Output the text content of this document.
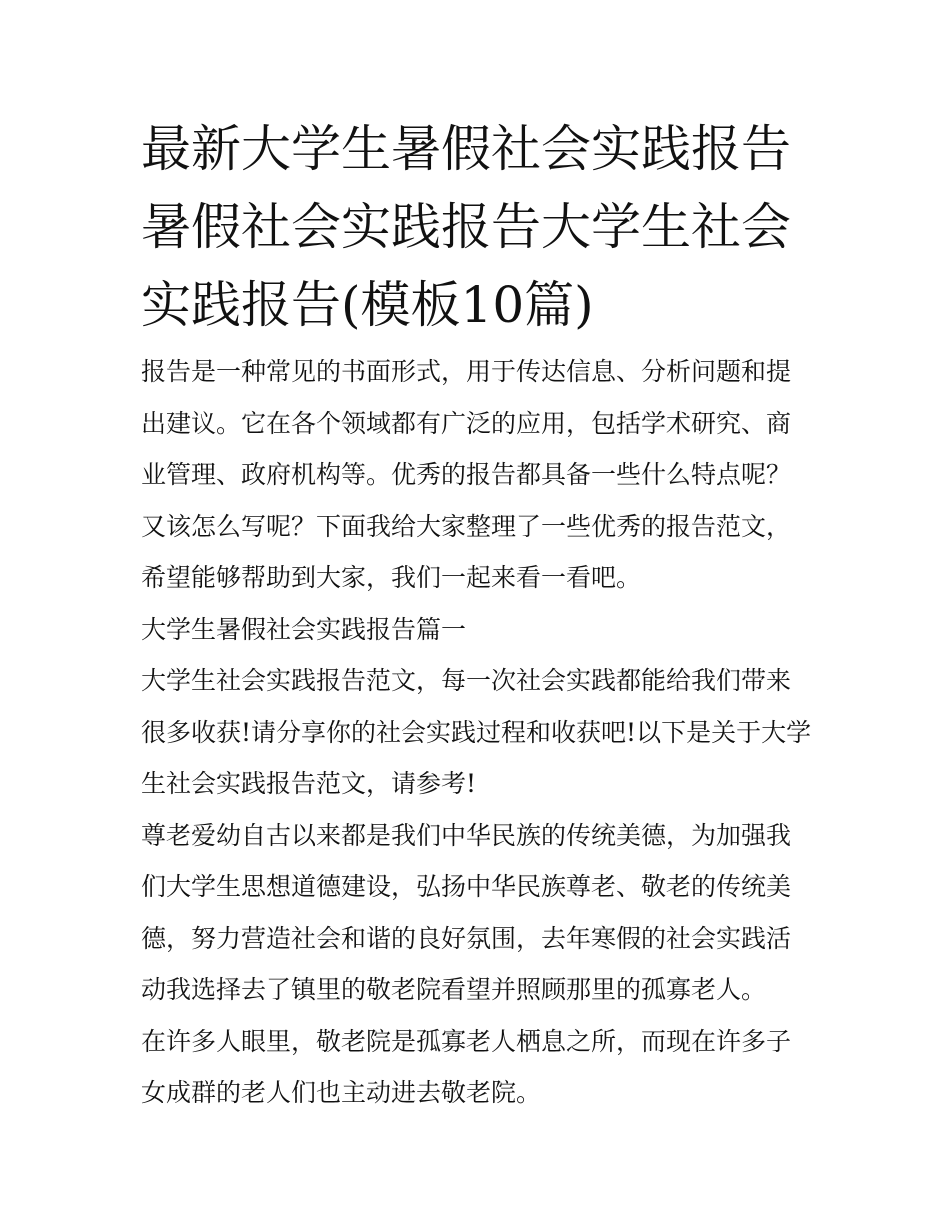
最新大学生暑假社会实践报告暑假社会实践报告大学生社会实践报告(模板10篇)

报告是一种常见的书面形式，用于传达信息、分析问题和提出建议。它在各个领域都有广泛的应用，包括学术研究、商业管理、政府机构等。优秀的报告都具备一些什么特点呢？又该怎么写呢？下面我给大家整理了一些优秀的报告范文，希望能够帮助到大家，我们一起来看一看吧。

大学生暑假社会实践报告篇一

大学生社会实践报告范文，每一次社会实践都能给我们带来很多收获!请分享你的社会实践过程和收获吧!以下是关于大学生社会实践报告范文，请参考!

尊老爱幼自古以来都是我们中华民族的传统美德，为加强我们大学生思想道德建设，弘扬中华民族尊老、敬老的传统美德，努力营造社会和谐的良好氛围，去年寒假的社会实践活动我选择去了镇里的敬老院看望并照顾那里的孤寡老人。

在许多人眼里，敬老院是孤寡老人栖息之所，而现在许多子女成群的老人们也主动进去敬老院。
